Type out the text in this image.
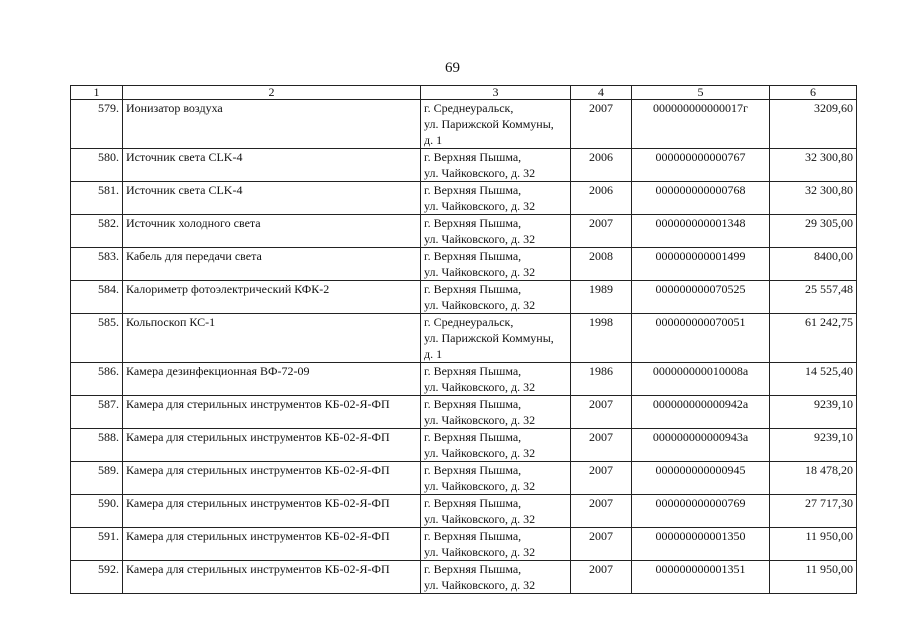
69
1	2	3	4	5	6
579.	Ионизатор воздуха	г. Среднеуральск,
ул. Парижской Коммуны,
д. 1	2007	000000000000017г	3209,60
580.	Источник света CLK-4	г. Верхняя Пышма,
ул. Чайковского, д. 32	2006	000000000000767	32 300,80
581.	Источник света CLK-4	г. Верхняя Пышма,
ул. Чайковского, д. 32	2006	000000000000768	32 300,80
582.	Источник холодного света	г. Верхняя Пышма,
ул. Чайковского, д. 32	2007	000000000001348	29 305,00
583.	Кабель для передачи света	г. Верхняя Пышма,
ул. Чайковского, д. 32	2008	000000000001499	8400,00
584.	Калориметр фотоэлектрический КФК-2	г. Верхняя Пышма,
ул. Чайковского, д. 32	1989	000000000070525	25 557,48
585.	Кольпоскоп КС-1	г. Среднеуральск,
ул. Парижской Коммуны,
д. 1	1998	000000000070051	61 242,75
586.	Камера дезинфекционная ВФ-72-09	г. Верхняя Пышма,
ул. Чайковского, д. 32	1986	000000000010008а	14 525,40
587.	Камера для стерильных инструментов КБ-02-Я-ФП	г. Верхняя Пышма,
ул. Чайковского, д. 32	2007	000000000000942а	9239,10
588.	Камера для стерильных инструментов КБ-02-Я-ФП	г. Верхняя Пышма,
ул. Чайковского, д. 32	2007	000000000000943а	9239,10
589.	Камера для стерильных инструментов КБ-02-Я-ФП	г. Верхняя Пышма,
ул. Чайковского, д. 32	2007	000000000000945	18 478,20
590.	Камера для стерильных инструментов КБ-02-Я-ФП	г. Верхняя Пышма,
ул. Чайковского, д. 32	2007	000000000000769	27 717,30
591.	Камера для стерильных инструментов КБ-02-Я-ФП	г. Верхняя Пышма,
ул. Чайковского, д. 32	2007	000000000001350	11 950,00
592.	Камера для стерильных инструментов КБ-02-Я-ФП	г. Верхняя Пышма,
ул. Чайковского, д. 32	2007	000000000001351	11 950,00
